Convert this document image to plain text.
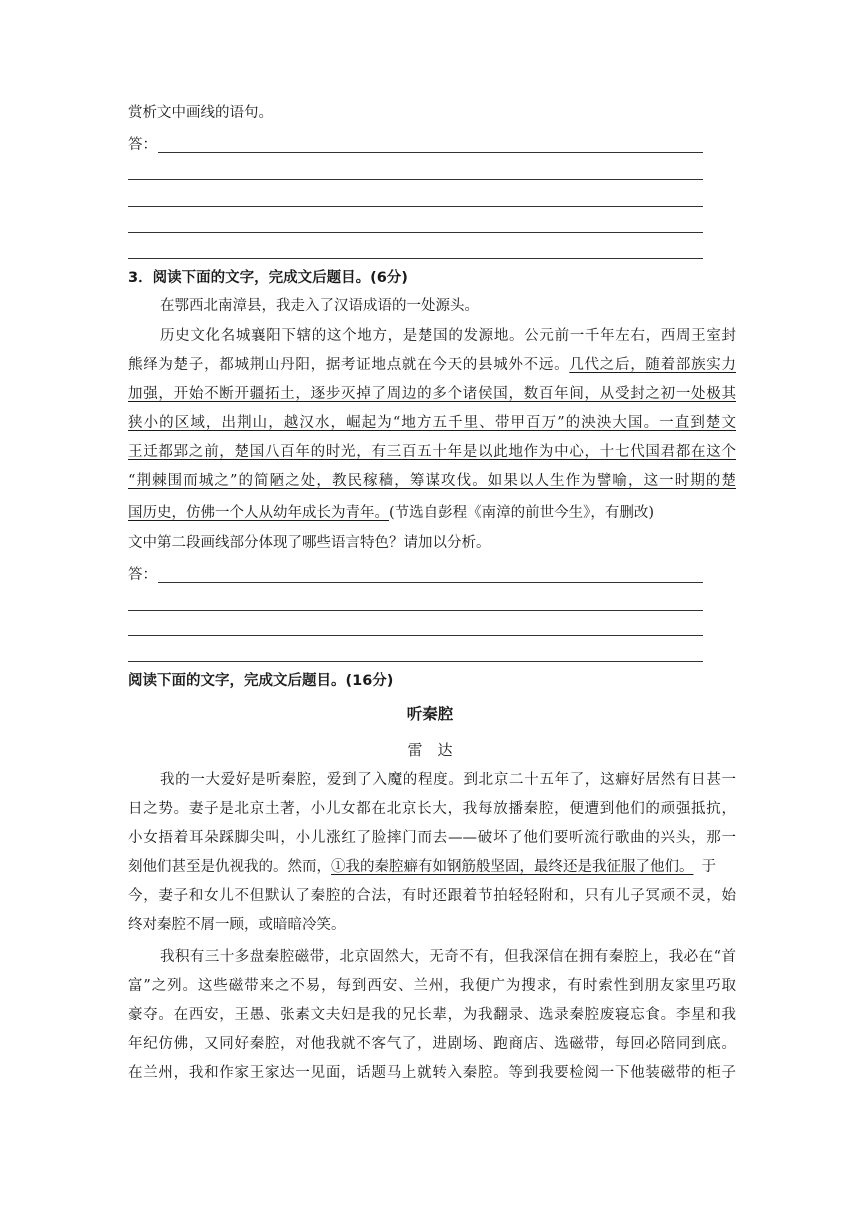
赏析文中画线的语句。
答：
3．阅读下面的文字，完成文后题目。(6分)
在鄂西北南漳县，我走入了汉语成语的一处源头。
历史文化名城襄阳下辖的这个地方，是楚国的发源地。公元前一千年左右，西周王室封
熊绎为楚子，都城荆山丹阳，据考证地点就在今天的县城外不远。几代之后，随着部族实力
加强，开始不断开疆拓土，逐步灭掉了周边的多个诸侯国，数百年间，从受封之初一处极其
狭小的区域，出荆山，越汉水，崛起为“地方五千里、带甲百万”的泱泱大国。一直到楚文
王迁都郢之前，楚国八百年的时光，有三百五十年是以此地作为中心，十七代国君都在这个
“荆棘围而城之”的简陋之处，教民稼穑，筹谋攻伐。如果以人生作为譬喻，这一时期的楚
国历史，仿佛一个人从幼年成长为青年。(节选自彭程《南漳的前世今生》，有删改)
文中第二段画线部分体现了哪些语言特色？请加以分析。
答：
阅读下面的文字，完成文后题目。(16分)
听秦腔
雷　达
我的一大爱好是听秦腔，爱到了入魔的程度。到北京二十五年了，这癖好居然有日甚一
日之势。妻子是北京土著，小儿女都在北京长大，我每放播秦腔，便遭到他们的顽强抵抗，
小女捂着耳朵踩脚尖叫，小儿涨红了脸摔门而去——破坏了他们要听流行歌曲的兴头，那一
刻他们甚至是仇视我的。然而，①我的秦腔癖有如钢筋般坚固，最终还是我征服了他们。 于
今，妻子和女儿不但默认了秦腔的合法，有时还跟着节拍轻轻附和，只有儿子冥顽不灵，始
终对秦腔不屑一顾，或暗暗冷笑。
我积有三十多盘秦腔磁带，北京固然大，无奇不有，但我深信在拥有秦腔上，我必在“首
富”之列。这些磁带来之不易，每到西安、兰州，我便广为搜求，有时索性到朋友家里巧取
豪夺。在西安，王愚、张素文夫妇是我的兄长辈，为我翻录、选录秦腔废寝忘食。李星和我
年纪仿佛，又同好秦腔，对他我就不客气了，进剧场、跑商店、选磁带，每回必陪同到底。
在兰州，我和作家王家达一见面，话题马上就转入秦腔。等到我要检阅一下他装磁带的柜子
